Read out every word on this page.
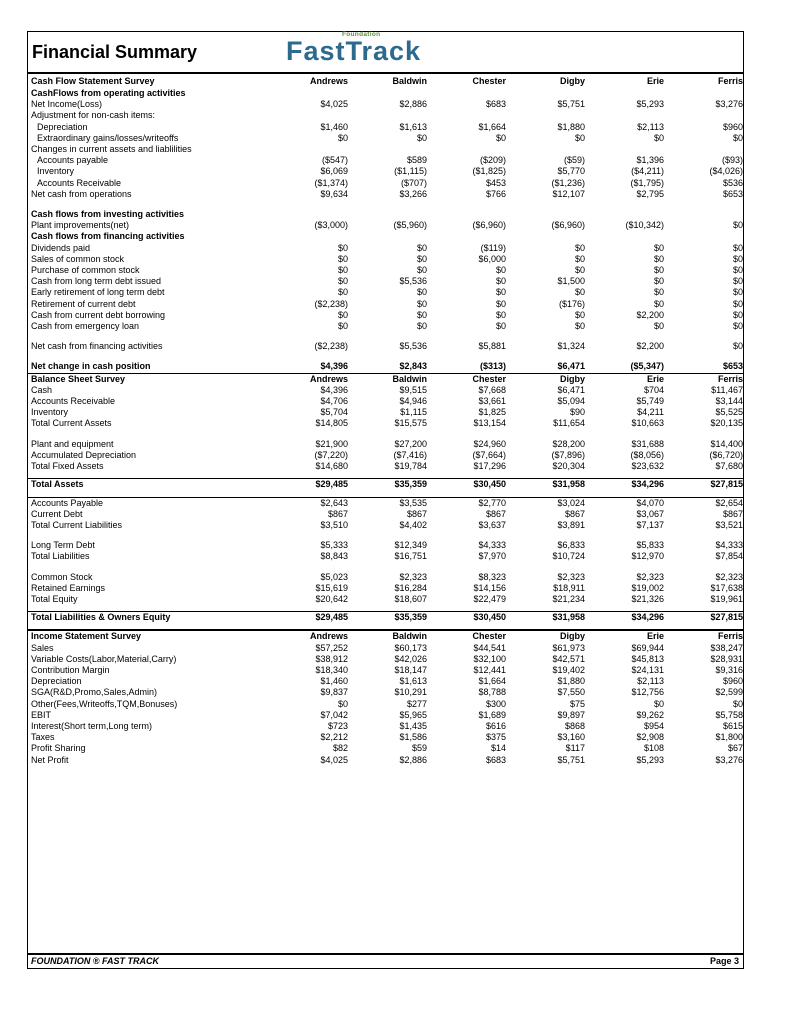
Financial Summary
Foundation
FastTrack
Cash Flow Statement Survey	Andrews	Baldwin	Chester	Digby	Erie	Ferris
CashFlows from operating activities						
Net Income(Loss)	$4,025	$2,886	$683	$5,751	$5,293	$3,276
Adjustment for non-cash items:						
Depreciation	$1,460	$1,613	$1,664	$1,880	$2,113	$960
Extraordinary gains/losses/writeoffs	$0	$0	$0	$0	$0	$0
Changes in current assets and liablilities						
Accounts payable	($547)	$589	($209)	($59)	$1,396	($93)
Inventory	$6,069	($1,115)	($1,825)	$5,770	($4,211)	($4,026)
Accounts Receivable	($1,374)	($707)	$453	($1,236)	($1,795)	$536
Net cash from operations	$9,634	$3,266	$766	$12,107	$2,795	$653

Cash flows from investing activities						
Plant improvements(net)	($3,000)	($5,960)	($6,960)	($6,960)	($10,342)	$0
Cash flows from financing activities						
Dividends paid	$0	$0	($119)	$0	$0	$0
Sales of common stock	$0	$0	$6,000	$0	$0	$0
Purchase of common stock	$0	$0	$0	$0	$0	$0
Cash from long term debt issued	$0	$5,536	$0	$1,500	$0	$0
Early retirement of long term debt	$0	$0	$0	$0	$0	$0
Retirement of current debt	($2,238)	$0	$0	($176)	$0	$0
Cash from current debt borrowing	$0	$0	$0	$0	$2,200	$0
Cash from emergency loan	$0	$0	$0	$0	$0	$0

Net cash from financing activities	($2,238)	$5,536	$5,881	$1,324	$2,200	$0

Net change in cash position	$4,396	$2,843	($313)	$6,471	($5,347)	$653
Balance Sheet Survey	Andrews	Baldwin	Chester	Digby	Erie	Ferris
Cash	$4,396	$9,515	$7,668	$6,471	$704	$11,467
Accounts Receivable	$4,706	$4,946	$3,661	$5,094	$5,749	$3,144
Inventory	$5,704	$1,115	$1,825	$90	$4,211	$5,525
Total Current Assets	$14,805	$15,575	$13,154	$11,654	$10,663	$20,135

Plant and equipment	$21,900	$27,200	$24,960	$28,200	$31,688	$14,400
Accumulated Depreciation	($7,220)	($7,416)	($7,664)	($7,896)	($8,056)	($6,720)
Total Fixed Assets	$14,680	$19,784	$17,296	$20,304	$23,632	$7,680

Total Assets	$29,485	$35,359	$30,450	$31,958	$34,296	$27,815

Accounts Payable	$2,643	$3,535	$2,770	$3,024	$4,070	$2,654
Current Debt	$867	$867	$867	$867	$3,067	$867
Total Current Liabilities	$3,510	$4,402	$3,637	$3,891	$7,137	$3,521

Long Term Debt	$5,333	$12,349	$4,333	$6,833	$5,833	$4,333
Total Liabilities	$8,843	$16,751	$7,970	$10,724	$12,970	$7,854

Common Stock	$5,023	$2,323	$8,323	$2,323	$2,323	$2,323
Retained Earnings	$15,619	$16,284	$14,156	$18,911	$19,002	$17,638
Total Equity	$20,642	$18,607	$22,479	$21,234	$21,326	$19,961

Total Liabilities & Owners Equity	$29,485	$35,359	$30,450	$31,958	$34,296	$27,815

Income Statement Survey	Andrews	Baldwin	Chester	Digby	Erie	Ferris
Sales	$57,252	$60,173	$44,541	$61,973	$69,944	$38,247
Variable Costs(Labor,Material,Carry)	$38,912	$42,026	$32,100	$42,571	$45,813	$28,931
Contribution Margin	$18,340	$18,147	$12,441	$19,402	$24,131	$9,316
Depreciation	$1,460	$1,613	$1,664	$1,880	$2,113	$960
SGA(R&D,Promo,Sales,Admin)	$9,837	$10,291	$8,788	$7,550	$12,756	$2,599
Other(Fees,Writeoffs,TQM,Bonuses)	$0	$277	$300	$75	$0	$0
EBIT	$7,042	$5,965	$1,689	$9,897	$9,262	$5,758
Interest(Short term,Long term)	$723	$1,435	$616	$868	$954	$615
Taxes	$2,212	$1,586	$375	$3,160	$2,908	$1,800
Profit Sharing	$82	$59	$14	$117	$108	$67
Net Profit	$4,025	$2,886	$683	$5,751	$5,293	$3,276
FOUNDATION ® FAST TRACK	Page 3
